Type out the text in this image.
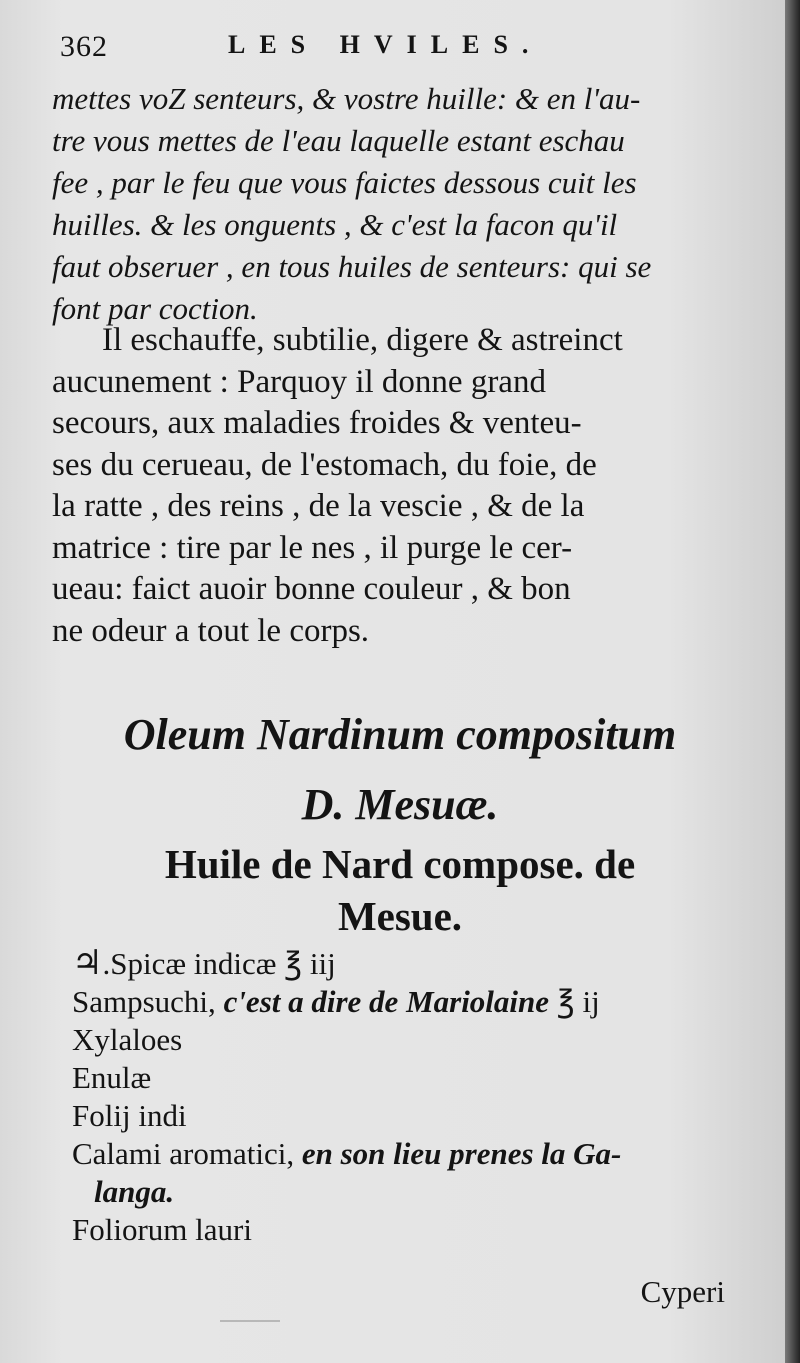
362	LES HVILES.
mettes voZ senteurs, & vostre huille: & en l'au-
tre vous mettes de l'eau laquelle estant eschau
fee , par le feu que vous faictes dessous cuit les
huilles. & les onguents , & c'est la facon qu'il
faut obseruer , en tous huiles de senteurs: qui se
font par coction.
Il eschauffe, subtilie, digere & astreinct
aucunement : Parquoy il donne grand
secours, aux maladies froides & venteu-
ses du cerueau, de l'estomach, du foie, de
la ratte , des reins , de la vescie , & de la
matrice : tire par le nes , il purge le cer-
ueau: faict auoir bonne couleur , & bon
ne odeur a tout le corps.
Oleum Nardinum compositum
D. Mesuæ.
Huile de Nard compose. de
Mesue.
♃.Spicæ indicæ ℥ iij
Sampsuchi, c'est a dire de Mariolaine ℥ ij
Xylaloes
Enulæ
Folij indi
Calami aromatici, en son lieu prenes la Ga-
langa.
Foliorum lauri
Cyperi
